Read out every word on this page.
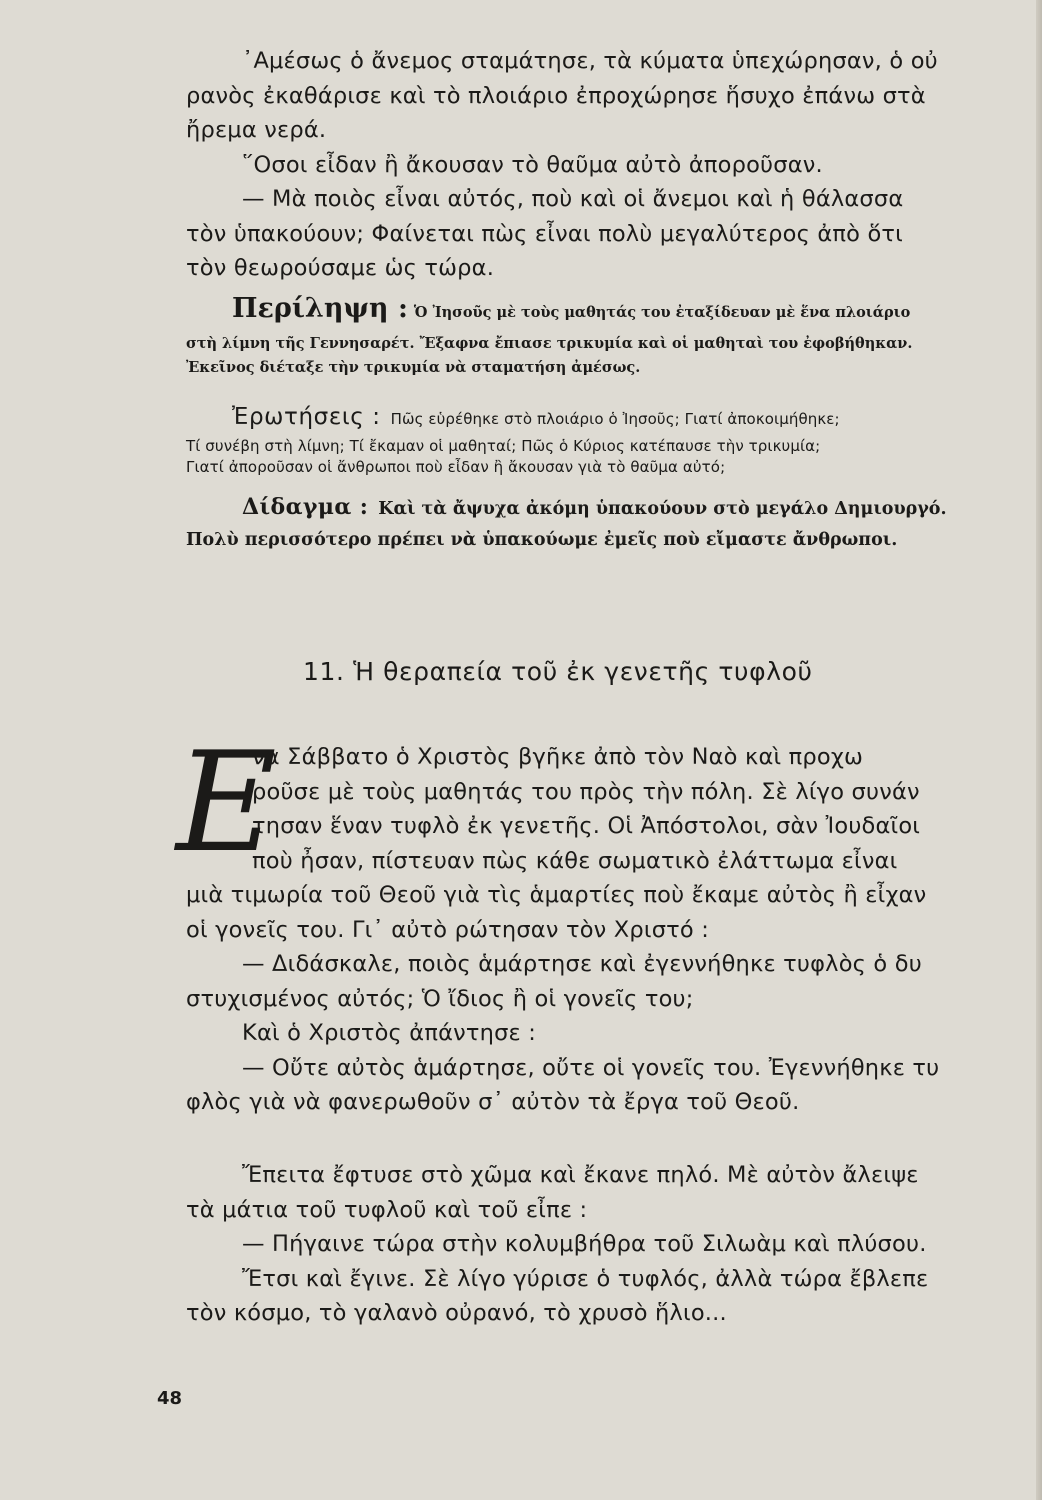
᾽Αμέσως ὁ ἄνεμος σταμάτησε, τὰ κύματα ὑπεχώρησαν, ὁ οὐ

ρανὸς ἐκαθάρισε καὶ τὸ πλοιάριο ἐπροχώρησε ἥσυχο ἐπάνω στὰ

ἤρεμα νερά.

῞Οσοι εἶδαν ἢ ἄκουσαν τὸ θαῦμα αὐτὸ ἀποροῦσαν.

— Μὰ ποιὸς εἶναι αὐτός, ποὺ καὶ οἱ ἄνεμοι καὶ ἡ θάλασσα

τὸν ὑπακούουν; Φαίνεται πὼς εἶναι πολὺ μεγαλύτερος ἀπὸ ὅτι

τὸν θεωρούσαμε ὡς τώρα.

Περίληψη : Ὁ Ἰησοῦς μὲ τοὺς μαθητάς του ἐταξίδευαν μὲ ἕνα πλοιάριο

στὴ λίμνη τῆς Γεννησαρέτ. Ἔξαφνα ἔπιασε τρικυμία καὶ οἱ μαθηταὶ του ἐφοβήθηκαν.

Ἐκεῖνος διέταξε τὴν τρικυμία νὰ σταματήση ἀμέσως.

Ἐρωτήσεις : Πῶς εὑρέθηκε στὸ πλοιάριο ὁ Ἰησοῦς; Γιατί ἀποκοιμήθηκε;

Τί συνέβη στὴ λίμνη; Τί ἔκαμαν οἱ μαθηταί; Πῶς ὁ Κύριος κατέπαυσε τὴν τρικυμία;

Γιατί ἀποροῦσαν οἱ ἄνθρωποι ποὺ εἶδαν ἢ ἄκουσαν γιὰ τὸ θαῦμα αὐτό;

Δίδαγμα : Καὶ τὰ ἄψυχα ἀκόμη ὑπακούουν στὸ μεγάλο Δημιουργό.

Πολὺ περισσότερο πρέπει νὰ ὑπακούωμε ἐμεῖς ποὺ εἴμαστε ἄνθρωποι.

11. Ἡ θεραπεία τοῦ ἐκ γενετῆς τυφλοῦ

Ε

να Σάββατο ὁ Χριστὸς βγῆκε ἀπὸ τὸν Ναὸ καὶ προχω

ροῦσε μὲ τοὺς μαθητάς του πρὸς τὴν πόλη. Σὲ λίγο συνάν

τησαν ἕναν τυφλὸ ἐκ γενετῆς. Οἱ Ἀπόστολοι, σὰν Ἰουδαῖοι

ποὺ ἦσαν, πίστευαν πὼς κάθε σωματικὸ ἐλάττωμα εἶναι

μιὰ τιμωρία τοῦ Θεοῦ γιὰ τὶς ἁμαρτίες ποὺ ἔκαμε αὐτὸς ἢ εἶχαν

οἱ γονεῖς του. Γι᾽ αὐτὸ ρώτησαν τὸν Χριστό :

— Διδάσκαλε, ποιὸς ἁμάρτησε καὶ ἐγεννήθηκε τυφλὸς ὁ δυ

στυχισμένος αὐτός; Ὁ ἴδιος ἢ οἱ γονεῖς του;

Καὶ ὁ Χριστὸς ἀπάντησε :

— Οὔτε αὐτὸς ἁμάρτησε, οὔτε οἱ γονεῖς του. Ἐγεννήθηκε τυ

φλὸς γιὰ νὰ φανερωθοῦν σ᾽ αὐτὸν τὰ ἔργα τοῦ Θεοῦ.

Ἔπειτα ἔφτυσε στὸ χῶμα καὶ ἔκανε πηλό. Μὲ αὐτὸν ἄλειψε

τὰ μάτια τοῦ τυφλοῦ καὶ τοῦ εἶπε :

— Πήγαινε τώρα στὴν κολυμβήθρα τοῦ Σιλωὰμ καὶ πλύσου.

Ἔτσι καὶ ἔγινε. Σὲ λίγο γύρισε ὁ τυφλός, ἀλλὰ τώρα ἔβλεπε

τὸν κόσμο, τὸ γαλανὸ οὐρανό, τὸ χρυσὸ ἥλιο...

48
